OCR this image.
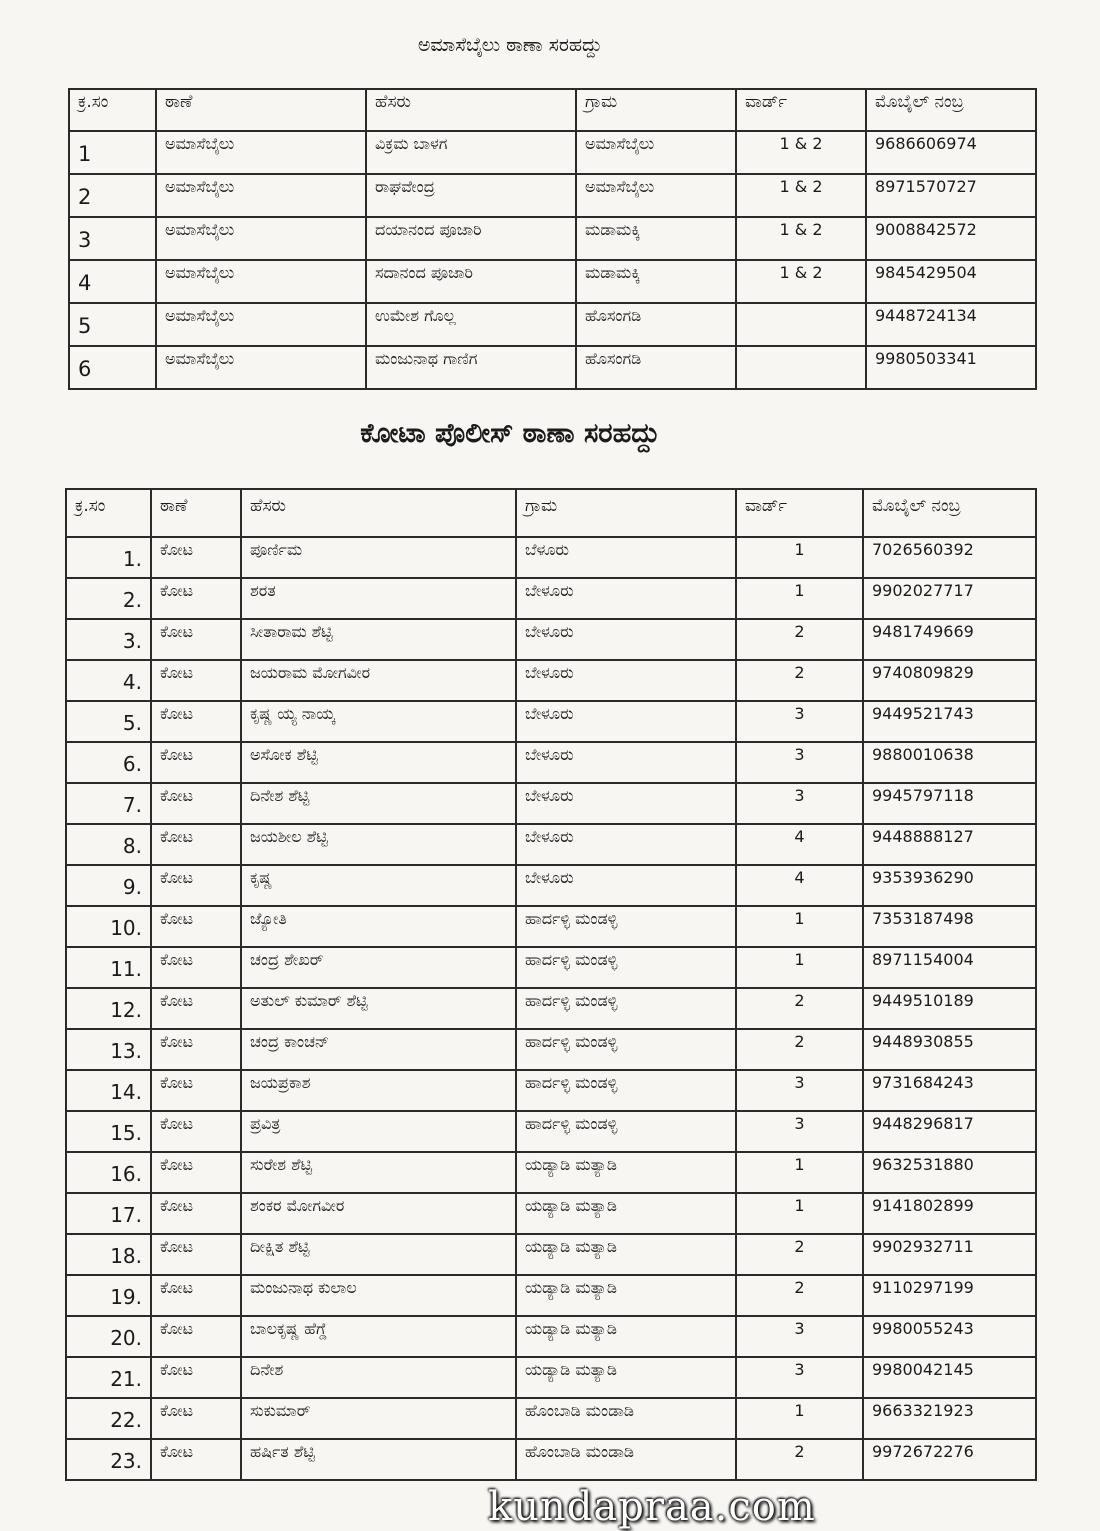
ಅಮಾಸೆಬೈಲು ಠಾಣಾ ಸರಹದ್ದು
ಕ್ರ.ಸಂ	ಠಾಣೆ	ಹೆಸರು	ಗ್ರಾಮ	ವಾರ್ಡ್	ಮೊಬೈಲ್ ನಂಬ್ರ
1	ಅಮಾಸೆಬೈಲು	ವಿಕ್ರಮ ಬಾಳಗ	ಅಮಾಸೆಬೈಲು	1 & 2	9686606974
2	ಅಮಾಸೆಬೈಲು	ರಾಘವೇಂದ್ರ	ಅಮಾಸೆಬೈಲು	1 & 2	8971570727
3	ಅಮಾಸೆಬೈಲು	ದಯಾನಂದ ಪೂಜಾರಿ	ಮಡಾಮಕ್ಕಿ	1 & 2	9008842572
4	ಅಮಾಸೆಬೈಲು	ಸದಾನಂದ ಪೂಜಾರಿ	ಮಡಾಮಕ್ಕಿ	1 & 2	9845429504
5	ಅಮಾಸೆಬೈಲು	ಉಮೇಶ ಗೊಲ್ಲ	ಹೊಸಂಗಡಿ		9448724134
6	ಅಮಾಸೆಬೈಲು	ಮಂಜುನಾಥ ಗಾಣಿಗ	ಹೊಸಂಗಡಿ		9980503341
ಕೋಟಾ ಪೊಲೀಸ್ ಠಾಣಾ ಸರಹದ್ದು
ಕ್ರ.ಸಂ	ಠಾಣೆ	ಹೆಸರು	ಗ್ರಾಮ	ವಾರ್ಡ್	ಮೊಬೈಲ್ ನಂಬ್ರ
1.	ಕೋಟ	ಪೂರ್ಣಿಮ	ಬೆಳೂರು	1	7026560392
2.	ಕೋಟ	ಶರತ	ಬೇಳೂರು	1	9902027717
3.	ಕೋಟ	ಸೀತಾರಾಮ ಶೆಟ್ಟಿ	ಬೇಳೂರು	2	9481749669
4.	ಕೋಟ	ಜಯರಾಮ ಮೋಗವೀರ	ಬೇಳೂರು	2	9740809829
5.	ಕೋಟ	ಕೃಷ್ಣ ಯ್ಯ ನಾಯ್ಕ	ಬೇಳೂರು	3	9449521743
6.	ಕೋಟ	ಅಸೋಕ ಶೆಟ್ಟಿ	ಬೇಳೂರು	3	9880010638
7.	ಕೋಟ	ದಿನೇಶ ಶೆಟ್ಟಿ	ಬೇಳೂರು	3	9945797118
8.	ಕೋಟ	ಜಯಶೀಲ ಶೆಟ್ಟಿ	ಬೇಳೂರು	4	9448888127
9.	ಕೋಟ	ಕೃಷ್ಣ	ಬೇಳೂರು	4	9353936290
10.	ಕೋಟ	ಜ್ಯೋತಿ	ಹಾರ್ದಳ್ಳಿ ಮಂಡಳ್ಳಿ	1	7353187498
11.	ಕೋಟ	ಚಂದ್ರ ಶೇಖರ್	ಹಾರ್ದಳ್ಳಿ ಮಂಡಳ್ಳಿ	1	8971154004
12.	ಕೋಟ	ಅತುಲ್ ಕುಮಾರ್ ಶೆಟ್ಟಿ	ಹಾರ್ದಳ್ಳಿ ಮಂಡಳ್ಳಿ	2	9449510189
13.	ಕೋಟ	ಚಂದ್ರ ಕಾಂಚನ್	ಹಾರ್ದಳ್ಳಿ ಮಂಡಳ್ಳಿ	2	9448930855
14.	ಕೋಟ	ಜಯಪ್ರಕಾಶ	ಹಾರ್ದಳ್ಳಿ ಮಂಡಳ್ಳಿ	3	9731684243
15.	ಕೋಟ	ಪ್ರವಿತ್ರ	ಹಾರ್ದಳ್ಳಿ ಮಂಡಳ್ಳಿ	3	9448296817
16.	ಕೋಟ	ಸುರೇಶ ಶೆಟ್ಟಿ	ಯಡ್ಯಾಡಿ ಮತ್ಯಾಡಿ	1	9632531880
17.	ಕೋಟ	ಶಂಕರ ಮೋಗವೀರ	ಯಡ್ಯಾಡಿ ಮತ್ಯಾಡಿ	1	9141802899
18.	ಕೋಟ	ದೀಕ್ಷಿತ ಶೆಟ್ಟಿ	ಯಡ್ಯಾಡಿ ಮತ್ಯಾಡಿ	2	9902932711
19.	ಕೋಟ	ಮಂಜುನಾಥ ಕುಲಾಲ	ಯಡ್ಯಾಡಿ ಮತ್ಯಾಡಿ	2	9110297199
20.	ಕೋಟ	ಬಾಲಕೃಷ್ಣ ಹೆಗ್ಡೆ	ಯಡ್ಯಾಡಿ ಮತ್ಯಾಡಿ	3	9980055243
21.	ಕೋಟ	ದಿನೇಶ	ಯಡ್ಯಾಡಿ ಮತ್ಯಾಡಿ	3	9980042145
22.	ಕೋಟ	ಸುಕುಮಾರ್	ಹೊಂಬಾಡಿ ಮಂಡಾಡಿ	1	9663321923
23.	ಕೋಟ	ಹರ್ಷಿತ ಶೆಟ್ಟಿ	ಹೊಂಬಾಡಿ ಮಂಡಾಡಿ	2	9972672276
kundapraa.com
